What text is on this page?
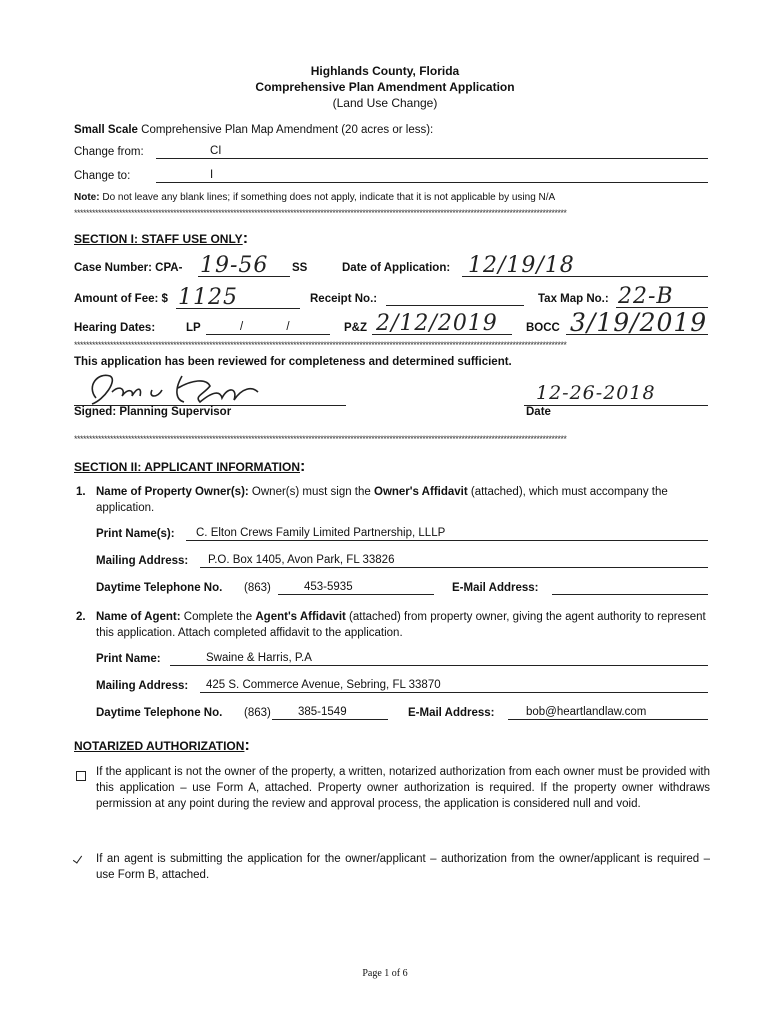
Highlands County, Florida
Comprehensive Plan Amendment Application
(Land Use Change)
Small Scale Comprehensive Plan Map Amendment (20 acres or less):
Change from:	CI
Change to:	I
Note: Do not leave any blank lines; if something does not apply, indicate that it is not applicable by using N/A
********************************************************************************************************************************************************************
SECTION I: STAFF USE ONLY:
Case Number: CPA- 19-56 SS	Date of Application: 12/19/18
Amount of Fee: $ 1125	Receipt No.:	Tax Map No.: 22-B
Hearing Dates:	LP	/ /	P&Z 2/12/2019 BOCC 3/19/2019
********************************************************************************************************************************************************************
This application has been reviewed for completeness and determined sufficient.
Signed: Planning Supervisor
12-26-2018
Date
********************************************************************************************************************************************************************
SECTION II: APPLICANT INFORMATION:
1. Name of Property Owner(s): Owner(s) must sign the Owner's Affidavit (attached), which must accompany the application.
Print Name(s): C. Elton Crews Family Limited Partnership, LLLP
Mailing Address: P.O. Box 1405, Avon Park, FL 33826
Daytime Telephone No. (863)	453-5935	E-Mail Address:
2. Name of Agent: Complete the Agent's Affidavit (attached) from property owner, giving the agent authority to represent this application. Attach completed affidavit to the application.
Print Name:	Swaine & Harris, P.A
Mailing Address: 425 S. Commerce Avenue, Sebring, FL 33870
Daytime Telephone No. (863) 385-1549	E-Mail Address:	bob@heartlandlaw.com
NOTARIZED AUTHORIZATION:
If the applicant is not the owner of the property, a written, notarized authorization from each owner must be provided with this application – use Form A, attached. Property owner authorization is required. If the property owner withdraws permission at any point during the review and approval process, the application is considered null and void.
If an agent is submitting the application for the owner/applicant – authorization from the owner/applicant is required – use Form B, attached.
Page 1 of 6
